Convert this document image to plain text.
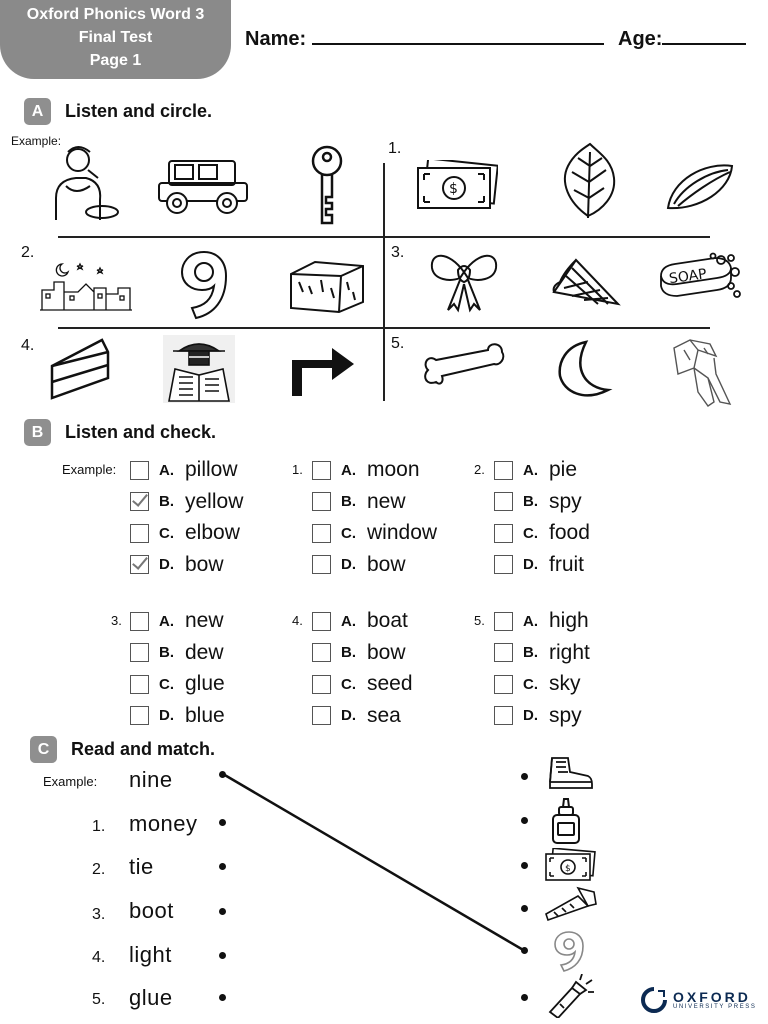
Oxford Phonics Word 3
Final Test
Page 1
Name:	Age:
A	Listen and circle.
Example:	1.
2.	3.
4.	5.
$
SOAP
B	Listen and check.
Example:	A. pillow
B. yellow
C. elbow
D. bow
1.	A. moon
B. new
C. window
D. bow
2.	A. pie
B. spy
C. food
D. fruit
3. A. new
B. dew
C. glue
D. blue
4.	A. boat
B. bow
C. seed
D. sea
5.	A. high
B. right
C. sky
D. spy
C	Read and match.
Example: nine
1. money
2. tie
3. boot
4. light
5. glue
$
OXFORD
UNIVERSITY PRESS
